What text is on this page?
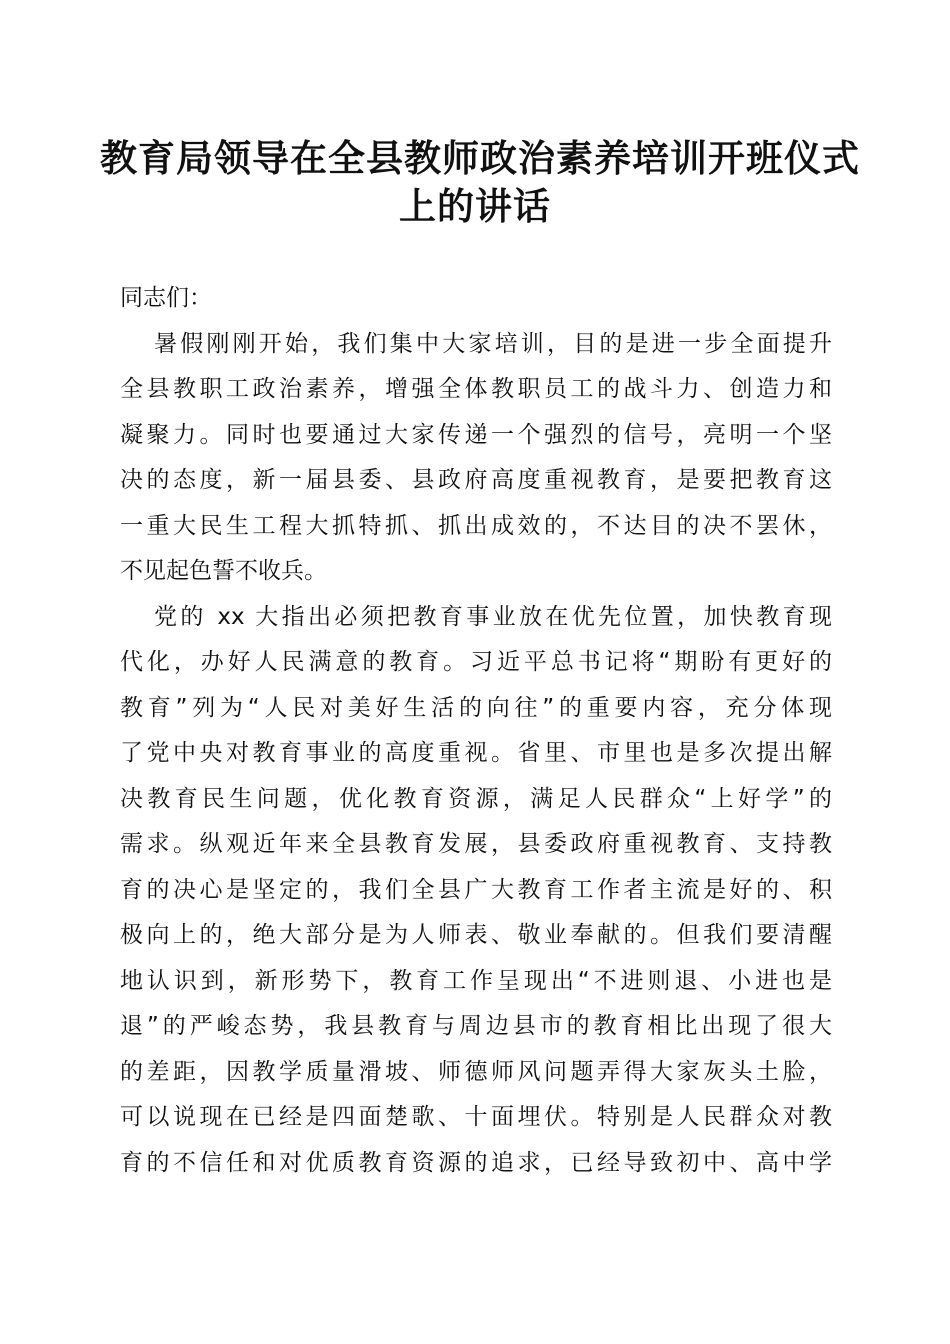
教育局领导在全县教师政治素养培训开班仪式
上的讲话

同志们：

暑假刚刚开始，我们集中大家培训，目的是进一步全面提升
全县教职工政治素养，增强全体教职员工的战斗力、创造力和
凝聚力。同时也要通过大家传递一个强烈的信号，亮明一个坚
决的态度，新一届县委、县政府高度重视教育，是要把教育这
一重大民生工程大抓特抓、抓出成效的，不达目的决不罢休，
不见起色誓不收兵。

党的 xx 大指出必须把教育事业放在优先位置，加快教育现
代化，办好人民满意的教育。习近平总书记将“期盼有更好的
教育”列为“人民对美好生活的向往”的重要内容，充分体现
了党中央对教育事业的高度重视。省里、市里也是多次提出解
决教育民生问题，优化教育资源，满足人民群众“上好学”的
需求。纵观近年来全县教育发展，县委政府重视教育、支持教
育的决心是坚定的，我们全县广大教育工作者主流是好的、积
极向上的，绝大部分是为人师表、敬业奉献的。但我们要清醒
地认识到，新形势下，教育工作呈现出“不进则退、小进也是
退”的严峻态势，我县教育与周边县市的教育相比出现了很大
的差距，因教学质量滑坡、师德师风问题弄得大家灰头土脸，
可以说现在已经是四面楚歌、十面埋伏。特别是人民群众对教
育的不信任和对优质教育资源的追求，已经导致初中、高中学
